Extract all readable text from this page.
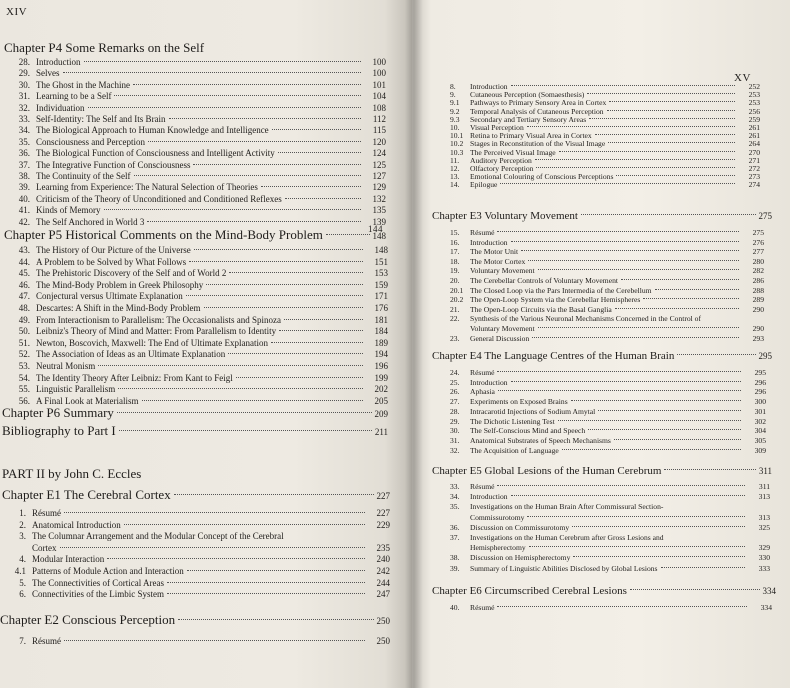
XIV
Chapter P4 Some Remarks on the Self
28. Introduction	100
29. Selves	100
30. The Ghost in the Machine	101
31. Learning to be a Self	104
32. Individuation	108
33. Self-Identity: The Self and Its Brain	112
34. The Biological Approach to Human Knowledge and Intelligence	115
35. Consciousness and Perception	120
36. The Biological Function of Consciousness and Intelligent Activity	124
37. The Integrative Function of Consciousness	125
38. The Continuity of the Self	127
39. Learning from Experience: The Natural Selection of Theories	129
40. Criticism of the Theory of Unconditioned and Conditioned Reflexes	132
41. Kinds of Memory	135
42. The Self Anchored in World 3	139
144
Chapter P5 Historical Comments on the Mind-Body Problem	148
43. The History of Our Picture of the Universe	148
44. A Problem to be Solved by What Follows	151
45. The Prehistoric Discovery of the Self and of World 2	153
46. The Mind-Body Problem in Greek Philosophy	159
47. Conjectural versus Ultimate Explanation	171
48. Descartes: A Shift in the Mind-Body Problem	176
49. From Interactionism to Parallelism: The Occasionalists and Spinoza	181
50. Leibniz's Theory of Mind and Matter: From Parallelism to Identity	184
51. Newton, Boscovich, Maxwell: The End of Ultimate Explanation	189
52. The Association of Ideas as an Ultimate Explanation	194
53. Neutral Monism	196
54. The Identity Theory After Leibniz: From Kant to Feigl	199
55. Linguistic Parallelism	202
56. A Final Look at Materialism	205
Chapter P6 Summary	209
Bibliography to Part I	211
PART II by John C. Eccles
Chapter E1 The Cerebral Cortex	227
1. Résumé	227
2. Anatomical Introduction	229
3. The Columnar Arrangement and the Modular Concept of the Cerebral
Cortex	235
4. Modular Interaction	240
4.1 Patterns of Module Action and Interaction	242
5. The Connectivities of Cortical Areas	244
6. Connectivities of the Limbic System	247
Chapter E2 Conscious Perception	250
7. Résumé	250
XV
8.	Introduction	252
9.	Cutaneous Perception (Somaesthesis)	253
9.1	Pathways to Primary Sensory Area in Cortex	253
9.2	Temporal Analysis of Cutaneous Perception	256
9.3	Secondary and Tertiary Sensory Areas	259
10.	Visual Perception	261
10.1 Retina to Primary Visual Area in Cortex	261
10.2 Stages in Reconstitution of the Visual Image	264
10.3 The Perceived Visual Image	270
11.	Auditory Perception	271
12.	Olfactory Perception	272
13.	Emotional Colouring of Conscious Perceptions	273
14.	Epilogue	274
Chapter E3 Voluntary Movement	275
15.	Résumé	275
16.	Introduction	276
17.	The Motor Unit	277
18.	The Motor Cortex	280
19.	Voluntary Movement	282
20.	The Cerebellar Controls of Voluntary Movement	286
20.1 The Closed Loop via the Pars Intermedia of the Cerebellum	288
20.2 The Open-Loop System via the Cerebellar Hemispheres	289
21.	The Open-Loop Circuits via the Basal Ganglia	290
22.	Synthesis of the Various Neuronal Mechanisms Concerned in the Control of
Voluntary Movement	290
23.	General Discussion	293
Chapter E4 The Language Centres of the Human Brain	295
24.	Résumé	295
25.	Introduction	296
26.	Aphasia	296
27.	Experiments on Exposed Brains	300
28.	Intracarotid Injections of Sodium Amytal	301
29.	The Dichotic Listening Test	302
30.	The Self-Conscious Mind and Speech	304
31.	Anatomical Substrates of Speech Mechanisms	305
32.	The Acquisition of Language	309
Chapter E5 Global Lesions of the Human Cerebrum	311
33.	Résumé	311
34.	Introduction	313
35.	Investigations on the Human Brain After Commissural Section-
Commissurotomy	313
36.	Discussion on Commissurotomy	325
37.	Investigations on the Human Cerebrum after Gross Lesions and
Hemispherectomy	329
38.	Discussion on Hemispherectomy	330
39.	Summary of Linguistic Abilities Disclosed by Global Lesions	333
Chapter E6 Circumscribed Cerebral Lesions	334
40.	Résumé	334
